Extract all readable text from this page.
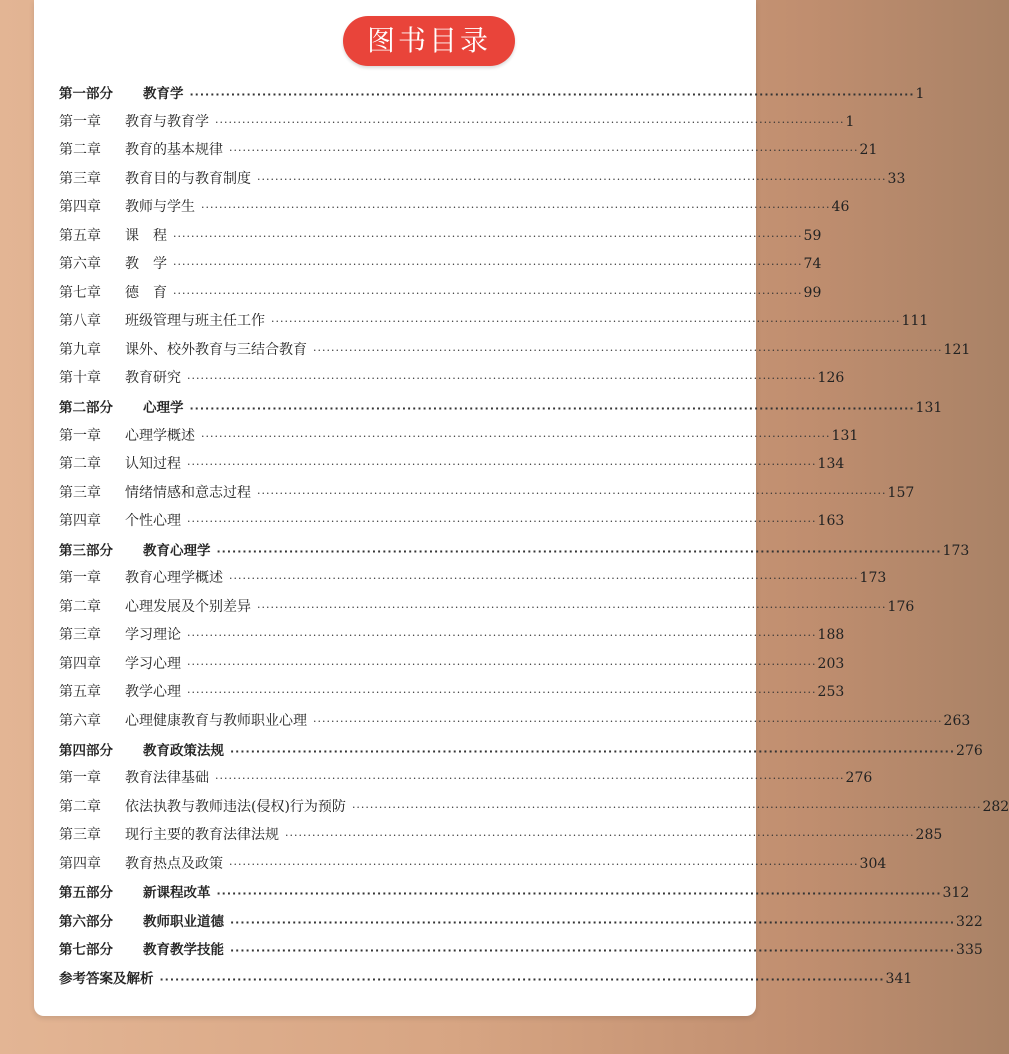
图书目录
第一部分	教育学 ············································································································································ 1
第一章	教育与教育学 ············································································································································ 1
第二章	教育的基本规律 ············································································································································ 21
第三章	教育目的与教育制度 ············································································································································ 33
第四章	教师与学生 ············································································································································ 46
第五章	课　程 ············································································································································ 59
第六章	教　学 ············································································································································ 74
第七章	德　育 ············································································································································ 99
第八章	班级管理与班主任工作 ············································································································································ 111
第九章	课外、校外教育与三结合教育 ············································································································································ 121
第十章	教育研究 ············································································································································ 126
第二部分	心理学 ············································································································································ 131
第一章	心理学概述 ············································································································································ 131
第二章	认知过程 ············································································································································ 134
第三章	情绪情感和意志过程 ············································································································································ 157
第四章	个性心理 ············································································································································ 163
第三部分	教育心理学 ············································································································································ 173
第一章	教育心理学概述 ············································································································································ 173
第二章	心理发展及个别差异 ············································································································································ 176
第三章	学习理论 ············································································································································ 188
第四章	学习心理 ············································································································································ 203
第五章	教学心理 ············································································································································ 253
第六章	心理健康教育与教师职业心理 ············································································································································ 263
第四部分	教育政策法规 ············································································································································ 276
第一章	教育法律基础 ············································································································································ 276
第二章	依法执教与教师违法(侵权)行为预防 ············································································································································ 282
第三章	现行主要的教育法律法规 ············································································································································ 285
第四章	教育热点及政策 ············································································································································ 304
第五部分	新课程改革 ············································································································································ 312
第六部分	教师职业道德 ············································································································································ 322
第七部分	教育教学技能 ············································································································································ 335
参考答案及解析 ············································································································································ 341
